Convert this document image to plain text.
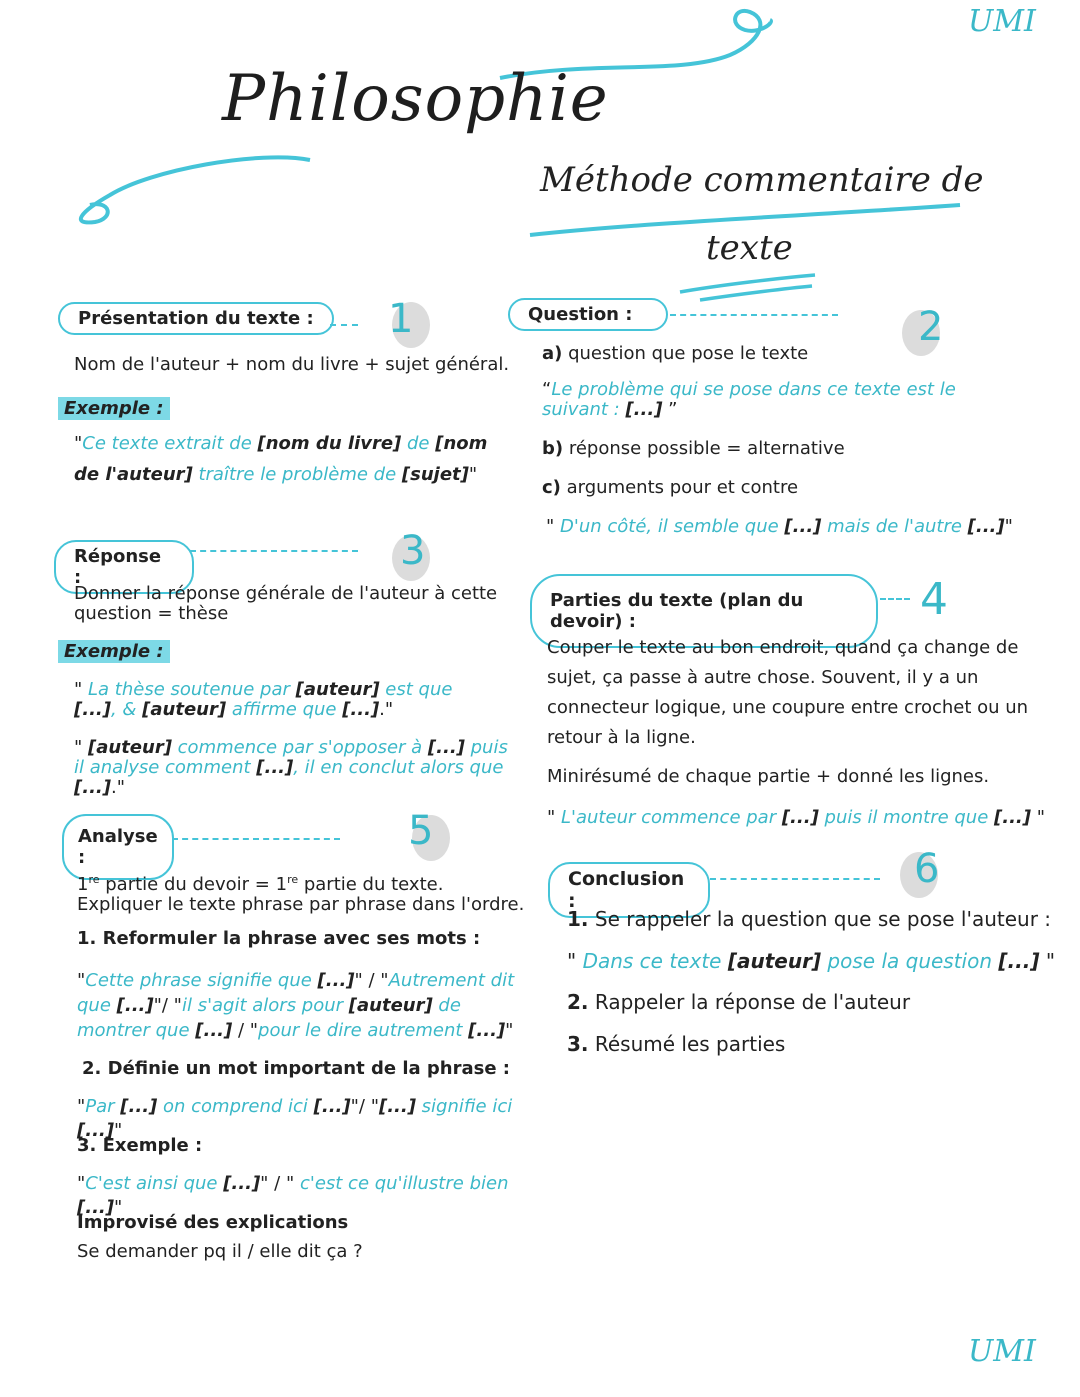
UMI
Philosophie
Méthode commentaire de
texte
Présentation du texte :	1
Nom de l'auteur + nom du livre + sujet général.
Exemple :
"Ce texte extrait de [nom du livre] de [nom de l'auteur] traître le problème de [sujet]"
Réponse :
3
Donner la réponse générale de l'auteur à cette question = thèse
Exemple :
" La thèse soutenue par [auteur] est que [...], & [auteur] affirme que [...]."
" [auteur] commence par s'opposer à [...] puis il analyse comment [...], il en conclut alors que [...]."
Analyse :
5
1re partie du devoir = 1re partie du texte.
Expliquer le texte phrase par phrase dans l'ordre.
1. Reformuler la phrase avec ses mots :
"Cette phrase signifie que [...]" / "Autrement dit que [...]"/ "il s'agit alors pour [auteur] de montrer que [...] / "pour le dire autrement [...]"
2. Définie un mot important de la phrase :
"Par [...] on comprend ici [...]"/ "[...] signifie ici [...]"
3. Exemple :
"C'est ainsi que [...]" / " c'est ce qu'illustre bien [...]"
Improvisé des explications
Se demander pq il / elle dit ça ?
Question :	2
a) question que pose le texte
“Le problème qui se pose dans ce texte est le suivant : [...] ”
b) réponse possible = alternative
c) arguments pour et contre
" D'un côté, il semble que [...] mais de l'autre [...]"
Parties du texte (plan du devoir) :	4
Couper le texte au bon endroit, quand ça change de sujet, ça passe à autre chose. Souvent, il y a un connecteur logique, une coupure entre crochet ou un retour à la ligne.
Minirésumé de chaque partie + donné les lignes.
" L'auteur commence par [...] puis il montre que [...] "
Conclusion :
6
1. Se rappeler la question que se pose l'auteur :
" Dans ce texte [auteur] pose la question [...] "
2. Rappeler la réponse de l'auteur
3. Résumé les parties
UMI
